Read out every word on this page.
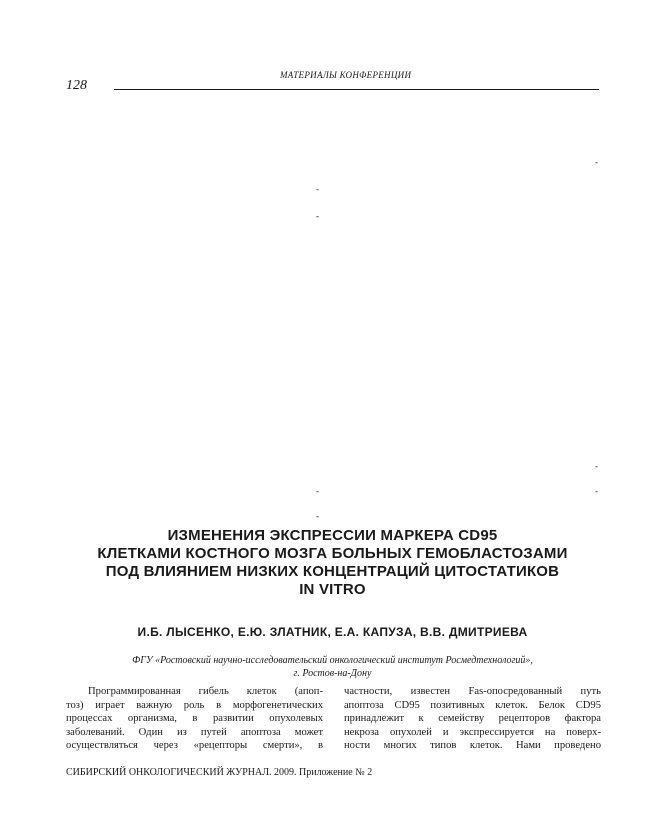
МАТЕРИАЛЫ КОНФЕРЕНЦИИ
128
-
-
-
-
-	-
-
ИЗМЕНЕНИЯ ЭКСПРЕССИИ МАРКЕРА CD95
КЛЕТКАМИ КОСТНОГО МОЗГА БОЛЬНЫХ ГЕМОБЛАСТОЗАМИ
ПОД ВЛИЯНИЕМ НИЗКИХ КОНЦЕНТРАЦИЙ ЦИТОСТАТИКОВ
IN VITRO
И.Б. ЛЫСЕНКО, Е.Ю. ЗЛАТНИК, Е.А. КАПУЗА, В.В. ДМИТРИЕВА
ФГУ «Ростовский научно-исследовательский онкологический институт Росмедтехнологий»,
г. Ростов-на-Дону
Программированная гибель клеток (апоп-
тоз) играет важную роль в морфогенетических
процессах организма, в развитии опухолевых
заболеваний. Один из путей апоптоза может
осуществляться через «рецепторы смерти», в
частности, известен Fas-опосредованный путь
апоптоза CD95 позитивных клеток. Белок CD95
принадлежит к семейству рецепторов фактора
некроза опухолей и экспрессируется на поверх-
ности многих типов клеток. Нами проведено
СИБИРСКИЙ ОНКОЛОГИЧЕСКИЙ ЖУРНАЛ. 2009. Приложение № 2
